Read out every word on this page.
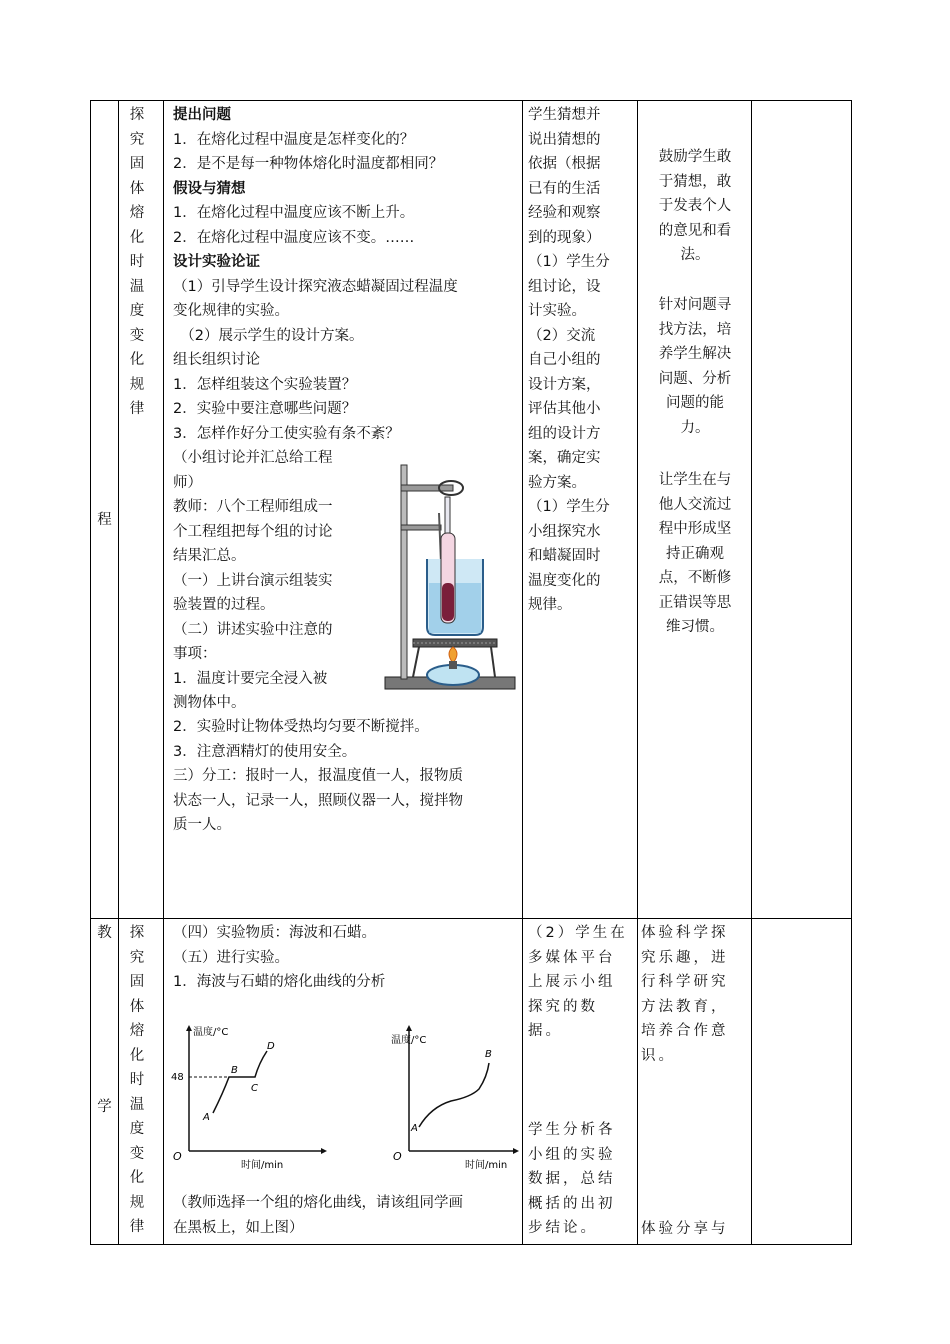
程
探
究
固
体
熔
化
时
温
度
变
化
规
律

提出问题

1．在熔化过程中温度是怎样变化的？

2．是不是每一种物体熔化时温度都相同？

假设与猜想

1．在熔化过程中温度应该不断上升。

2．在熔化过程中温度应该不变。……

设计实验论证

（1）引导学生设计探究液态蜡凝固过程温度

变化规律的实验。

　（2）展示学生的设计方案。

组长组织讨论

1．怎样组装这个实验装置？

2．实验中要注意哪些问题？

3．怎样作好分工使实验有条不紊？

（小组讨论并汇总给工程

师）

教师：八个工程师组成一

个工程组把每个组的讨论

结果汇总。

（一）上讲台演示组装实

验装置的过程。

（二）讲述实验中注意的

事项：

1．温度计要完全浸入被

测物体中。

2．实验时让物体受热均匀要不断搅拌。

3．注意酒精灯的使用安全。

三）分工：报时一人，报温度值一人，报物质

状态一人，记录一人，照顾仪器一人，搅拌物

质一人。

学生猜想并

说出猜想的

依据（根据

已有的生活

经验和观察

到的现象）

（1）学生分

组讨论，设

计实验。

（2）交流

自己小组的

设计方案，

评估其他小

组的设计方

案，确定实

验方案。

（1）学生分

小组探究水

和蜡凝固时

温度变化的

规律。

鼓励学生敢

于猜想，敢

于发表个人

的意见和看

法。

针对问题寻

找方法，培

养学生解决

问题、分析

问题的能

力。

让学生在与

他人交流过

程中形成坚

持正确观

点，不断修

正错误等思

维习惯。

教
学
探
究
固
体
熔
化
时
温
度
变
化
规
律

（四）实验物质：海波和石蜡。

（五）进行实验。

1．海波与石蜡的熔化曲线的分析

温度/°C
时间/min
O
48
A
B
C
D
温度/°C
时间/min
O
A
B

（教师选择一个组的熔化曲线，请该组同学画

在黑板上，如上图）

（2）学生在

多媒体平台

上展示小组

探究的数

据。

学生分析各

小组的实验

数据，总结

概括的出初

步结论。

体验科学探

究乐趣，进

行科学研究

方法教育，

培养合作意

识。

体验分享与
